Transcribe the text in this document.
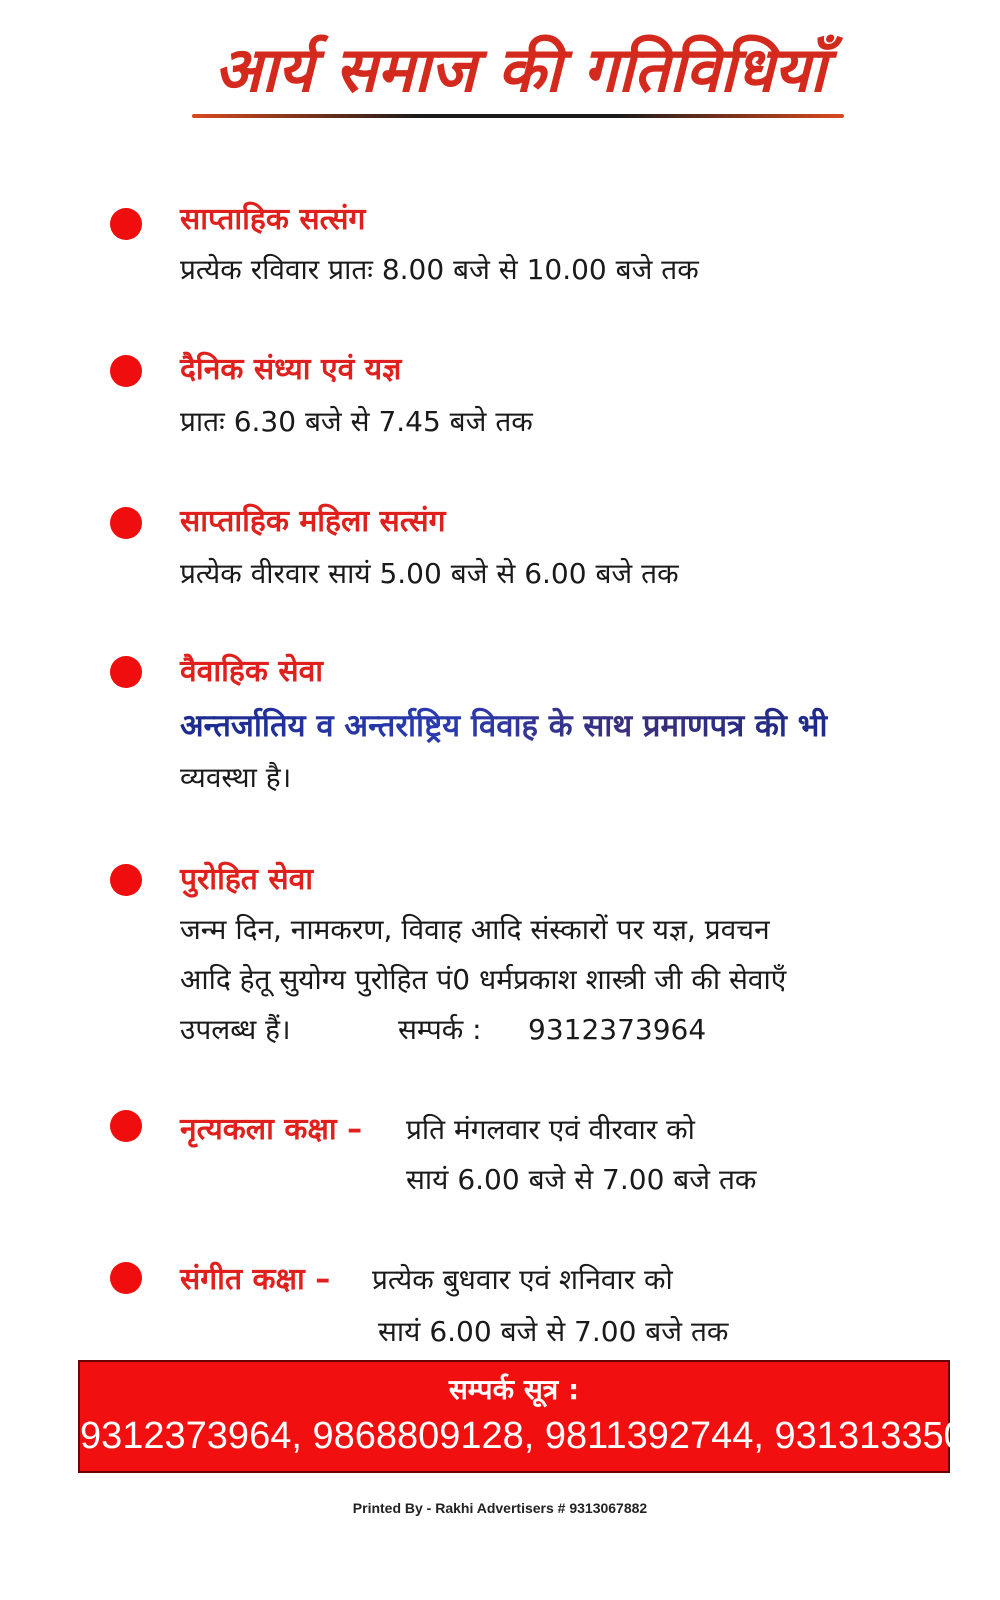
आर्य समाज की गतिविधियाँ
साप्ताहिक सत्संग
प्रत्येक रविवार प्रातः 8.00 बजे से 10.00 बजे तक
दैनिक संध्या एवं यज्ञ
प्रातः 6.30 बजे से 7.45 बजे तक
साप्ताहिक महिला सत्संग
प्रत्येक वीरवार सायं 5.00 बजे से 6.00 बजे तक
वैवाहिक सेवा
अन्तर्जातिय व अन्तर्राष्ट्रिय विवाह के साथ प्रमाणपत्र की भी
व्यवस्था है।
पुरोहित सेवा
जन्म दिन, नामकरण, विवाह आदि संस्कारों पर यज्ञ, प्रवचन
आदि हेतू सुयोग्य पुरोहित पं0 धर्मप्रकाश शास्त्री जी की सेवाएँ
उपलब्ध हैं।	सम्पर्क : 9312373964
नृत्यकला कक्षा – प्रति मंगलवार एवं वीरवार को
सायं 6.00 बजे से 7.00 बजे तक
संगीत कक्षा – प्रत्येक बुधवार एवं शनिवार को
सायं 6.00 बजे से 7.00 बजे तक
सम्पर्क सूत्र :
9312373964, 9868809128, 9811392744, 9313133500
Printed By - Rakhi Advertisers # 9313067882
